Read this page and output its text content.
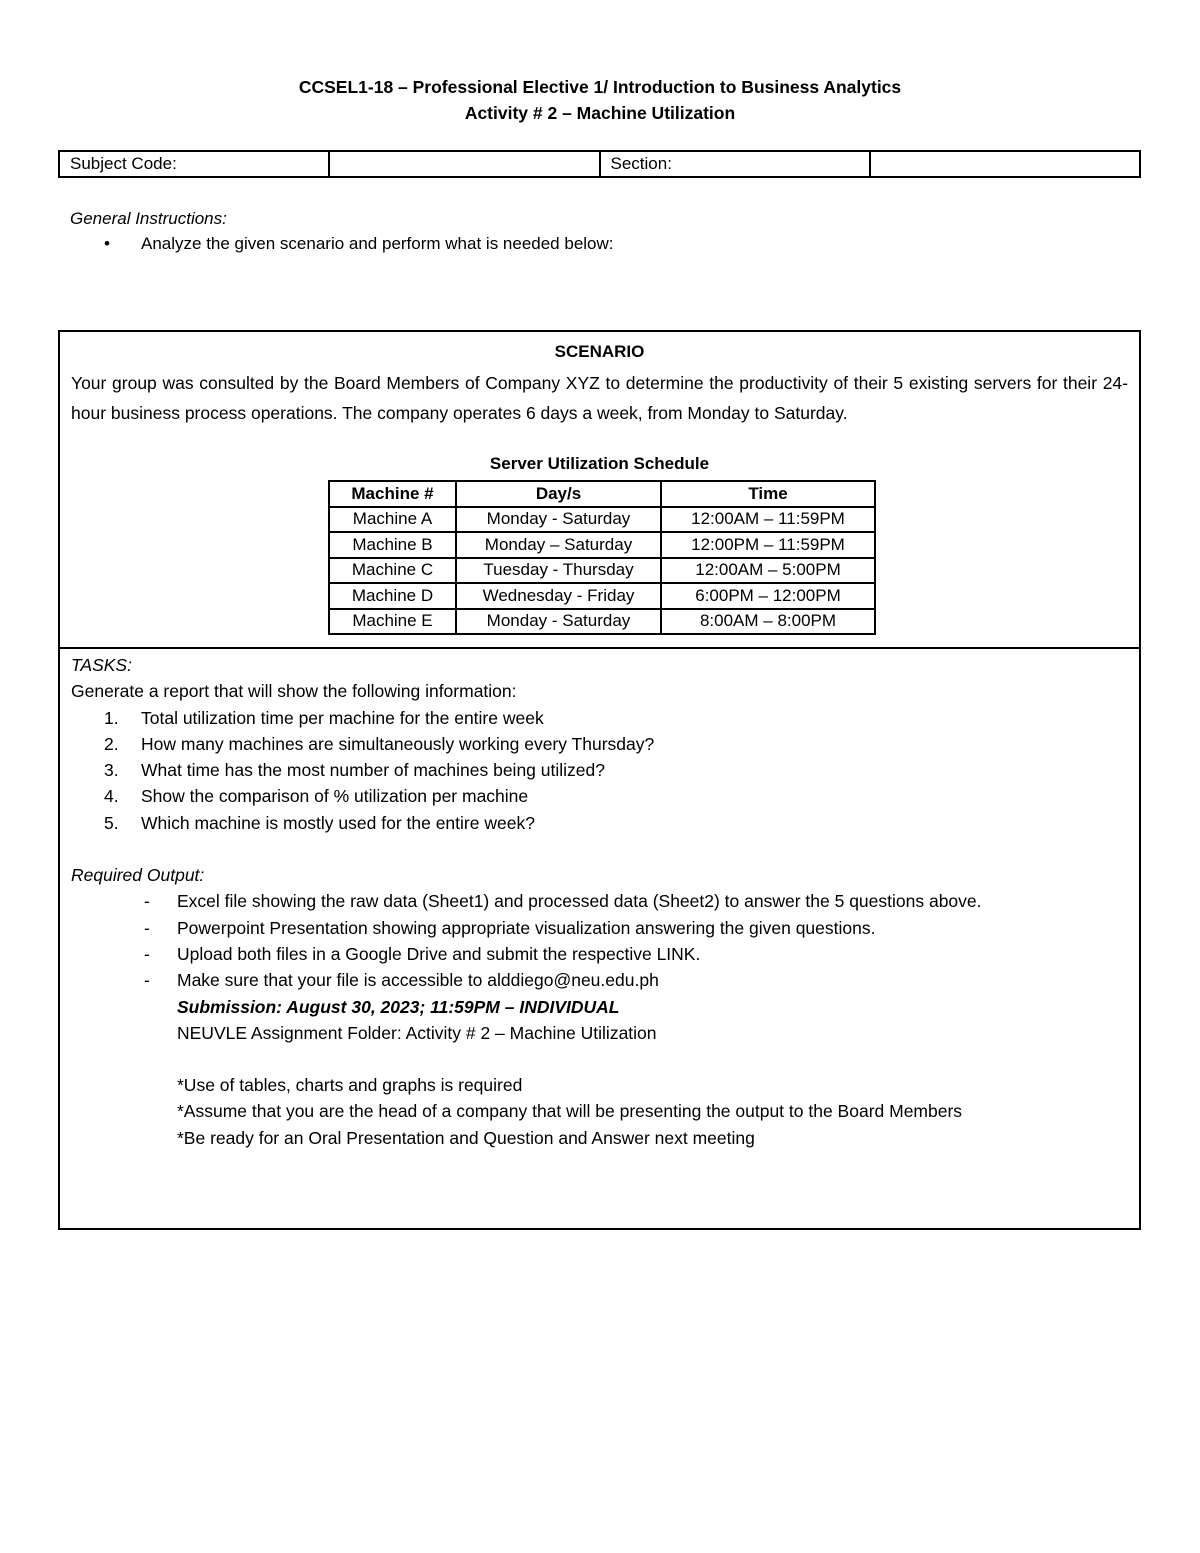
CCSEL1-18 – Professional Elective 1/ Introduction to Business Analytics
Activity # 2 – Machine Utilization
Subject Code:		Section:	
General Instructions:
• Analyze the given scenario and perform what is needed below:
SCENARIO
Your group was consulted by the Board Members of Company XYZ to determine the productivity of their 5 existing servers for their 24-hour business process operations. The company operates 6 days a week, from Monday to Saturday.
Server Utilization Schedule
Machine #	Day/s	Time
Machine A	Monday - Saturday	12:00AM – 11:59PM
Machine B	Monday – Saturday	12:00PM – 11:59PM
Machine C	Tuesday - Thursday	12:00AM – 5:00PM
Machine D	Wednesday - Friday	6:00PM – 12:00PM
Machine E	Monday - Saturday	8:00AM – 8:00PM
TASKS:
Generate a report that will show the following information:
1. Total utilization time per machine for the entire week
2. How many machines are simultaneously working every Thursday?
3. What time has the most number of machines being utilized?
4. Show the comparison of % utilization per machine
5. Which machine is mostly used for the entire week?
Required Output:
- Excel file showing the raw data (Sheet1) and processed data (Sheet2) to answer the 5 questions above.
- Powerpoint Presentation showing appropriate visualization answering the given questions.
- Upload both files in a Google Drive and submit the respective LINK.
- Make sure that your file is accessible to alddiego@neu.edu.ph
Submission: August 30, 2023; 11:59PM – INDIVIDUAL
NEUVLE Assignment Folder: Activity # 2 – Machine Utilization
*Use of tables, charts and graphs is required
*Assume that you are the head of a company that will be presenting the output to the Board Members
*Be ready for an Oral Presentation and Question and Answer next meeting
